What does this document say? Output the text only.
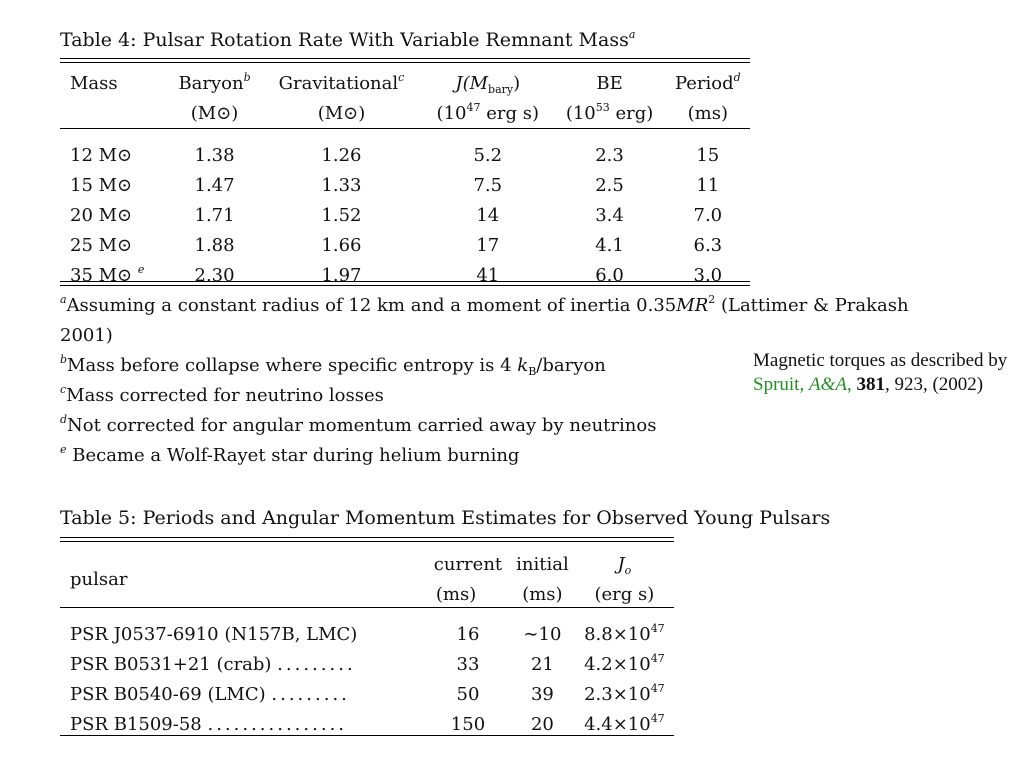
Table 4: Pulsar Rotation Rate With Variable Remnant Mass$^a$
Mass	Baryon$^b$	Gravitational$^c$	$J(M_{bary})$	BE	Period$^d$
	(M⊙)	(M⊙)	($10^{47}$ erg s)	($10^{53}$ erg)	(ms)

12 M⊙	1.38	1.26	5.2	2.3	15
15 M⊙	1.47	1.33	7.5	2.5	11
20 M⊙	1.71	1.52	14	3.4	7.0
25 M⊙	1.88	1.66	17	4.1	6.3
35 M⊙ $^e$	2.30	1.97	41	6.0	3.0
$^a$Assuming a constant radius of 12 km and a moment of inertia $0.35MR^2$ (Lattimer & Prakash
2001)
$^b$Mass before collapse where specific entropy is 4 $k_B$/baryon
$^c$Mass corrected for neutrino losses
$^d$Not corrected for angular momentum carried away by neutrinos
$^e$ Became a Wolf-Rayet star during helium burning
Magnetic torques as described by Spruit, A&A, 381, 923, (2002)
Table 5: Periods and Angular Momentum Estimates for Observed Young Pulsars
pulsar	current	initial	$J_o$
	(ms)	(ms)	(erg s)

PSR J0537-6910 (N157B, LMC)	16	∼10	$8.8\times 10^{47}$
PSR B0531+21 (crab) .........	33	21	$4.2\times 10^{47}$
PSR B0540-69 (LMC) .........	50	39	$2.3\times 10^{47}$
PSR B1509-58 ................	150	20	$4.4\times 10^{47}$
